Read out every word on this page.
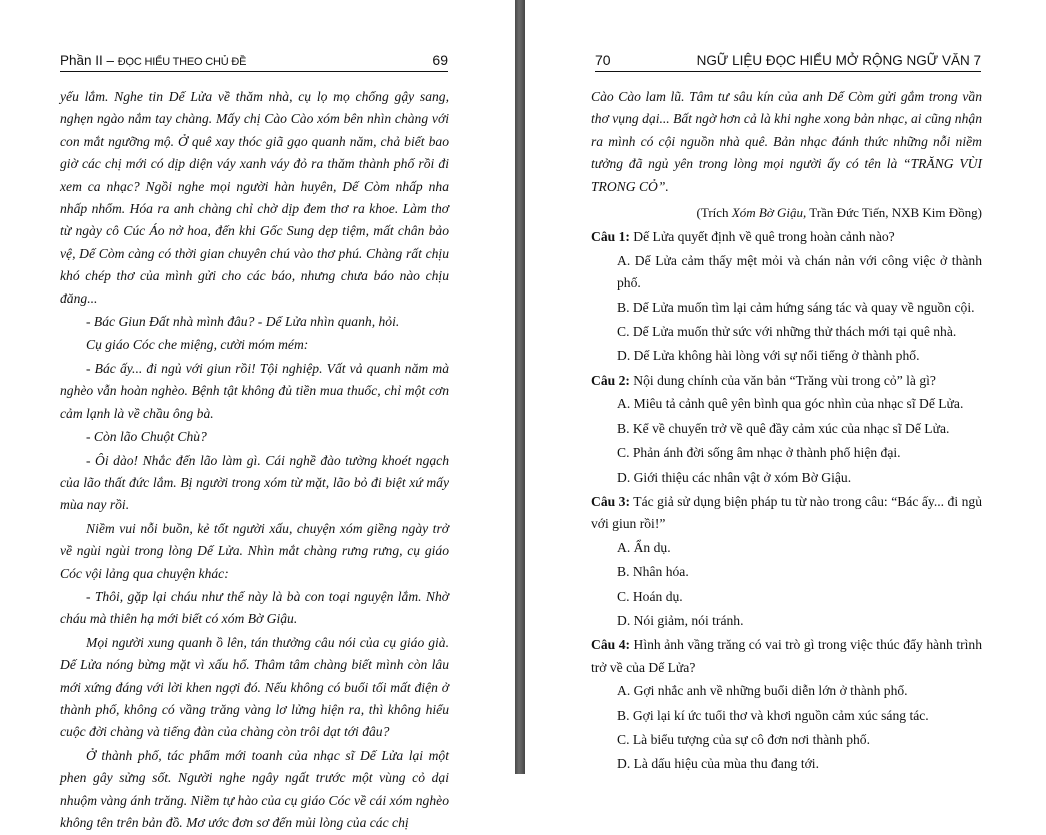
Phần II – ĐỌC HIỂU THEO CHỦ ĐỀ	69

yếu lắm. Nghe tin Dế Lửa về thăm nhà, cụ lọ mọ chống gậy sang, nghẹn ngào nắm tay chàng. Mấy chị Cào Cào xóm bên nhìn chàng với con mắt ngưỡng mộ. Ở quê xay thóc giã gạo quanh năm, chả biết bao giờ các chị mới có dịp diện váy xanh váy đỏ ra thăm thành phố rồi đi xem ca nhạc? Ngồi nghe mọi người hàn huyên, Dế Còm nhấp nha nhấp nhổm. Hóa ra anh chàng chỉ chờ dịp đem thơ ra khoe. Làm thơ từ ngày cô Cúc Áo nở hoa, đến khi Gốc Sung dẹp tiệm, mất chân bảo vệ, Dế Còm càng có thời gian chuyên chú vào thơ phú. Chàng rất chịu khó chép thơ của mình gửi cho các báo, nhưng chưa báo nào chịu đăng...

- Bác Giun Đất nhà mình đâu? - Dế Lửa nhìn quanh, hỏi.

Cụ giáo Cóc che miệng, cười móm mém:

- Bác ấy... đi ngủ với giun rồi! Tội nghiệp. Vất vả quanh năm mà nghèo vẫn hoàn nghèo. Bệnh tật không đủ tiền mua thuốc, chỉ một cơn cảm lạnh là về chầu ông bà.

- Còn lão Chuột Chù?

- Ôi dào! Nhắc đến lão làm gì. Cái nghề đào tường khoét ngạch của lão thất đức lắm. Bị người trong xóm từ mặt, lão bỏ đi biệt xứ mấy mùa nay rồi.

Niềm vui nỗi buồn, kẻ tốt người xấu, chuyện xóm giềng ngày trở về ngùi ngùi trong lòng Dế Lửa. Nhìn mắt chàng rưng rưng, cụ giáo Cóc vội lảng qua chuyện khác:

- Thôi, gặp lại cháu như thế này là bà con toại nguyện lắm. Nhờ cháu mà thiên hạ mới biết có xóm Bờ Giậu.

Mọi người xung quanh ồ lên, tán thưởng câu nói của cụ giáo già. Dế Lửa nóng bừng mặt vì xấu hổ. Thâm tâm chàng biết mình còn lâu mới xứng đáng với lời khen ngợi đó. Nếu không có buổi tối mất điện ở thành phố, không có vầng trăng vàng lơ lửng hiện ra, thì không hiểu cuộc đời chàng và tiếng đàn của chàng còn trôi dạt tới đâu?

Ở thành phố, tác phẩm mới toanh của nhạc sĩ Dế Lửa lại một phen gây sửng sốt. Người nghe ngây ngất trước một vùng cỏ dại nhuộm vàng ánh trăng. Niềm tự hào của cụ giáo Cóc về cái xóm nghèo không tên trên bản đồ. Mơ ước đơn sơ đến mủi lòng của các chị

70	NGỮ LIỆU ĐỌC HIỂU MỞ RỘNG NGỮ VĂN 7

Cào Cào lam lũ. Tâm tư sâu kín của anh Dế Còm gửi gắm trong vần thơ vụng dại... Bất ngờ hơn cả là khi nghe xong bản nhạc, ai cũng nhận ra mình có cội nguồn nhà quê. Bản nhạc đánh thức những nỗi niềm tưởng đã ngủ yên trong lòng mọi người ấy có tên là “TRĂNG VÙI TRONG CỎ”.

(Trích Xóm Bờ Giậu, Trần Đức Tiến, NXB Kim Đồng)

Câu 1: Dế Lửa quyết định về quê trong hoàn cảnh nào?

A. Dế Lửa cảm thấy mệt mỏi và chán nản với công việc ở thành phố.

B. Dế Lửa muốn tìm lại cảm hứng sáng tác và quay về nguồn cội.

C. Dế Lửa muốn thử sức với những thử thách mới tại quê nhà.

D. Dế Lửa không hài lòng với sự nổi tiếng ở thành phố.

Câu 2: Nội dung chính của văn bản “Trăng vùi trong cỏ” là gì?

A. Miêu tả cảnh quê yên bình qua góc nhìn của nhạc sĩ Dế Lửa.

B. Kể về chuyến trở về quê đầy cảm xúc của nhạc sĩ Dế Lửa.

C. Phản ánh đời sống âm nhạc ở thành phố hiện đại.

D. Giới thiệu các nhân vật ở xóm Bờ Giậu.

Câu 3: Tác giả sử dụng biện pháp tu từ nào trong câu: “Bác ấy... đi ngủ với giun rồi!”

A. Ẩn dụ.

B. Nhân hóa.

C. Hoán dụ.

D. Nói giảm, nói tránh.

Câu 4: Hình ảnh vầng trăng có vai trò gì trong việc thúc đẩy hành trình trở về của Dế Lửa?

A. Gợi nhắc anh về những buổi diễn lớn ở thành phố.

B. Gợi lại kí ức tuổi thơ và khơi nguồn cảm xúc sáng tác.

C. Là biểu tượng của sự cô đơn nơi thành phố.

D. Là dấu hiệu của mùa thu đang tới.
